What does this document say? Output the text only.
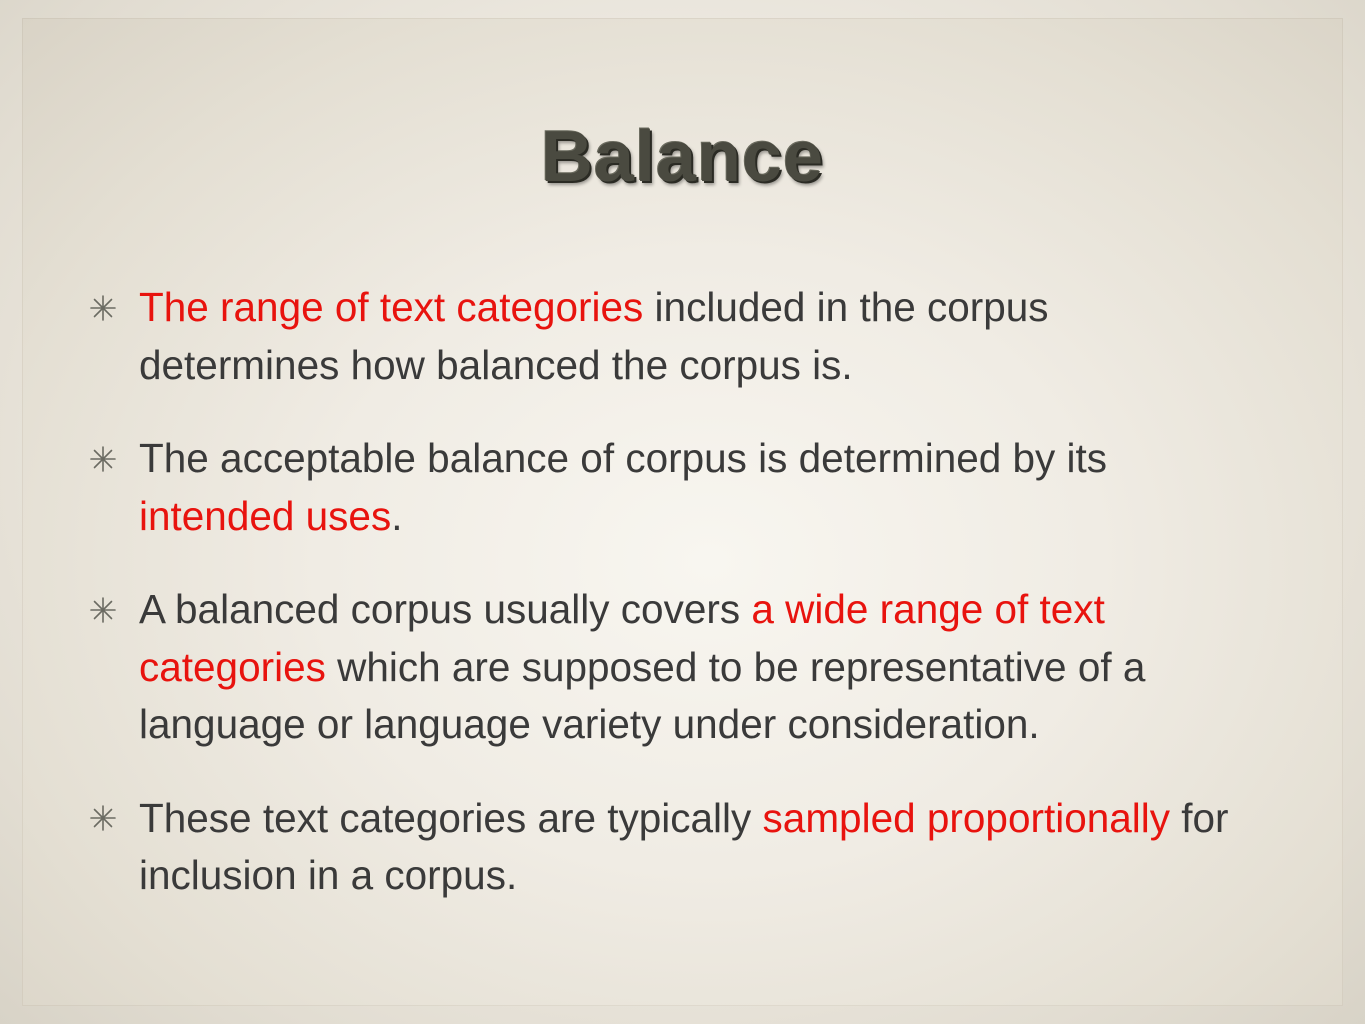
Balance
The range of text categories included in the corpus determines how balanced the corpus is.
The acceptable balance of corpus is determined by its intended uses.
A balanced corpus usually covers a wide range of text categories which are supposed to be representative of a language or language variety under consideration.
These text categories are typically sampled proportionally for inclusion in a corpus.
